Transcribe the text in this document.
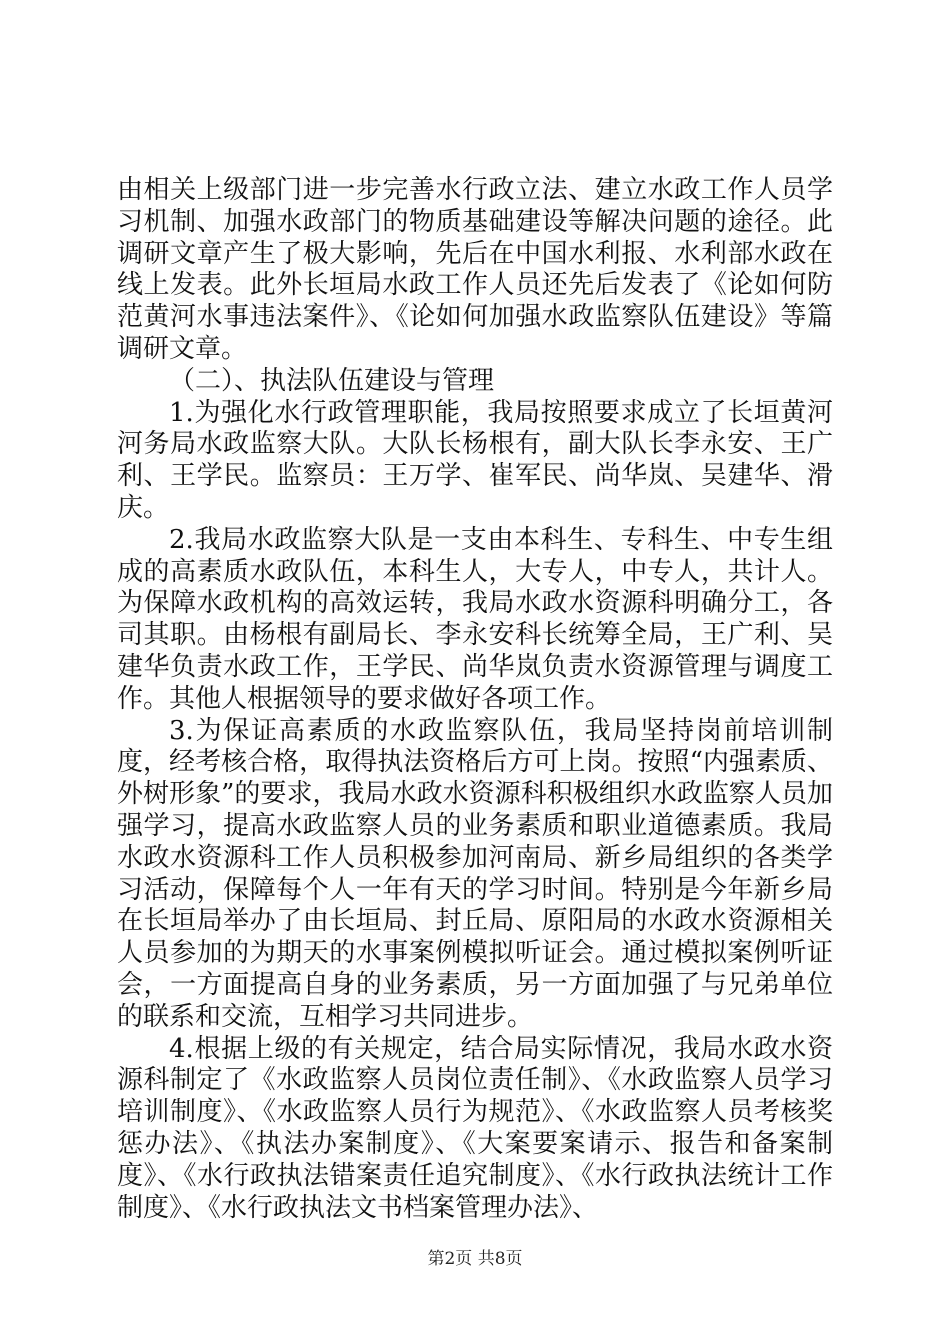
由相关上级部门进一步完善水行政立法、建立水政工作人员学习机制、加强水政部门的物质基础建设等解决问题的途径。此调研文章产生了极大影响，先后在中国水利报、水利部水政在线上发表。此外长垣局水政工作人员还先后发表了《论如何防范黄河水事违法案件》、《论如何加强水政监察队伍建设》等篇调研文章。

（二）、执法队伍建设与管理

1.为强化水行政管理职能，我局按照要求成立了长垣黄河河务局水政监察大队。大队长杨根有，副大队长李永安、王广利、王学民。监察员：王万学、崔军民、尚华岚、吴建华、滑庆。

2.我局水政监察大队是一支由本科生、专科生、中专生组成的高素质水政队伍，本科生人，大专人，中专人，共计人。为保障水政机构的高效运转，我局水政水资源科明确分工，各司其职。由杨根有副局长、李永安科长统筹全局，王广利、吴建华负责水政工作，王学民、尚华岚负责水资源管理与调度工作。其他人根据领导的要求做好各项工作。

3.为保证高素质的水政监察队伍，我局坚持岗前培训制度，经考核合格，取得执法资格后方可上岗。按照“内强素质、外树形象”的要求，我局水政水资源科积极组织水政监察人员加强学习，提高水政监察人员的业务素质和职业道德素质。我局水政水资源科工作人员积极参加河南局、新乡局组织的各类学习活动，保障每个人一年有天的学习时间。特别是今年新乡局在长垣局举办了由长垣局、封丘局、原阳局的水政水资源相关人员参加的为期天的水事案例模拟听证会。通过模拟案例听证会，一方面提高自身的业务素质，另一方面加强了与兄弟单位的联系和交流，互相学习共同进步。

4.根据上级的有关规定，结合局实际情况，我局水政水资源科制定了《水政监察人员岗位责任制》、《水政监察人员学习培训制度》、《水政监察人员行为规范》、《水政监察人员考核奖惩办法》、《执法办案制度》、《大案要案请示、报告和备案制度》、《水行政执法错案责任追究制度》、《水行政执法统计工作制度》、《水行政执法文书档案管理办法》、

第2页 共8页
